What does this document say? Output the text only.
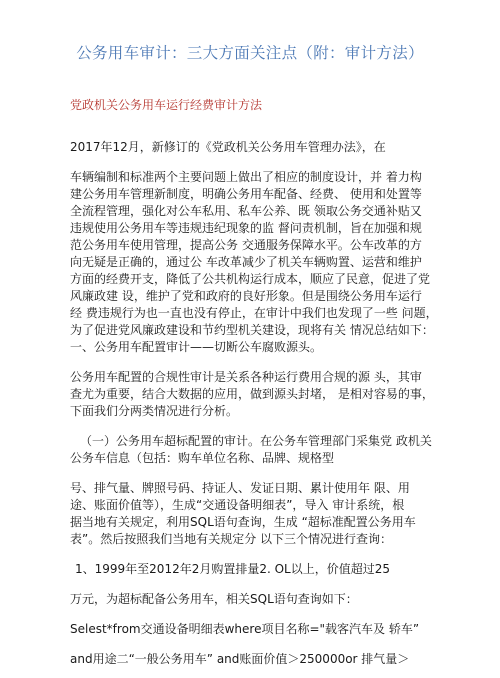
公务用车审计：三大方面关注点（附：审计方法）
党政机关公务用车运行经费审计方法
2017年12月，新修订的《党政机关公务用车管理办法》，在
车辆编制和标准两个主要问题上做出了相应的制度设计，并 着力构
建公务用车管理新制度，明确公务用车配备、经费、 使用和处置等
全流程管理，强化对公车私用、私车公养、既 领取公务交通补贴又
违规使用公务用车等违规违纪现象的监 督问责机制，旨在加强和规
范公务用车使用管理，提高公务 交通服务保障水平。公车改革的方
向无疑是正确的，通过公 车改革减少了机关车辆购置、运营和维护
方面的经费开支，降低了公共机构运行成本，顺应了民意，促进了党
风廉政建 设，维护了党和政府的良好形象。但是围绕公务用车运行
经 费违规行为也一直也没有停止，在审计中我们也发现了一些 问题，
为了促进党风廉政建设和节约型机关建设，现将有关 情况总结如下：
一、公务用车配置审计——切断公车腐败源头。
公务用车配置的合规性审计是关系各种运行费用合规的源 头，其审
查尤为重要，结合大数据的应用，做到源头封堵， 是相对容易的事，
下面我们分两类情况进行分析。
（一）公务用车超标配置的审计。在公务车管理部门采集党 政机关
公务车信息（包括：购车单位名称、品牌、规格型
号、排气量、牌照号码、持证人、发证日期、累计使用年 限、用
途、账面价值等），生成“交通设备明细表”，导入 审计系统，根
据当地有关规定，利用SQL语句查询，生成 “超标准配置公务用车
表”。然后按照我们当地有关规定分 以下三个情况进行查询：
1、1999年至2012年2月购置排量2. OL以上，价值超过25
万元，为超标配备公务用车，相关SQL语句查询如下：
Selest*from交通设备明细表where项目名称="载客汽车及 轿车”
and用途二“一般公务用车” and账面价值＞250000or 排气量＞
